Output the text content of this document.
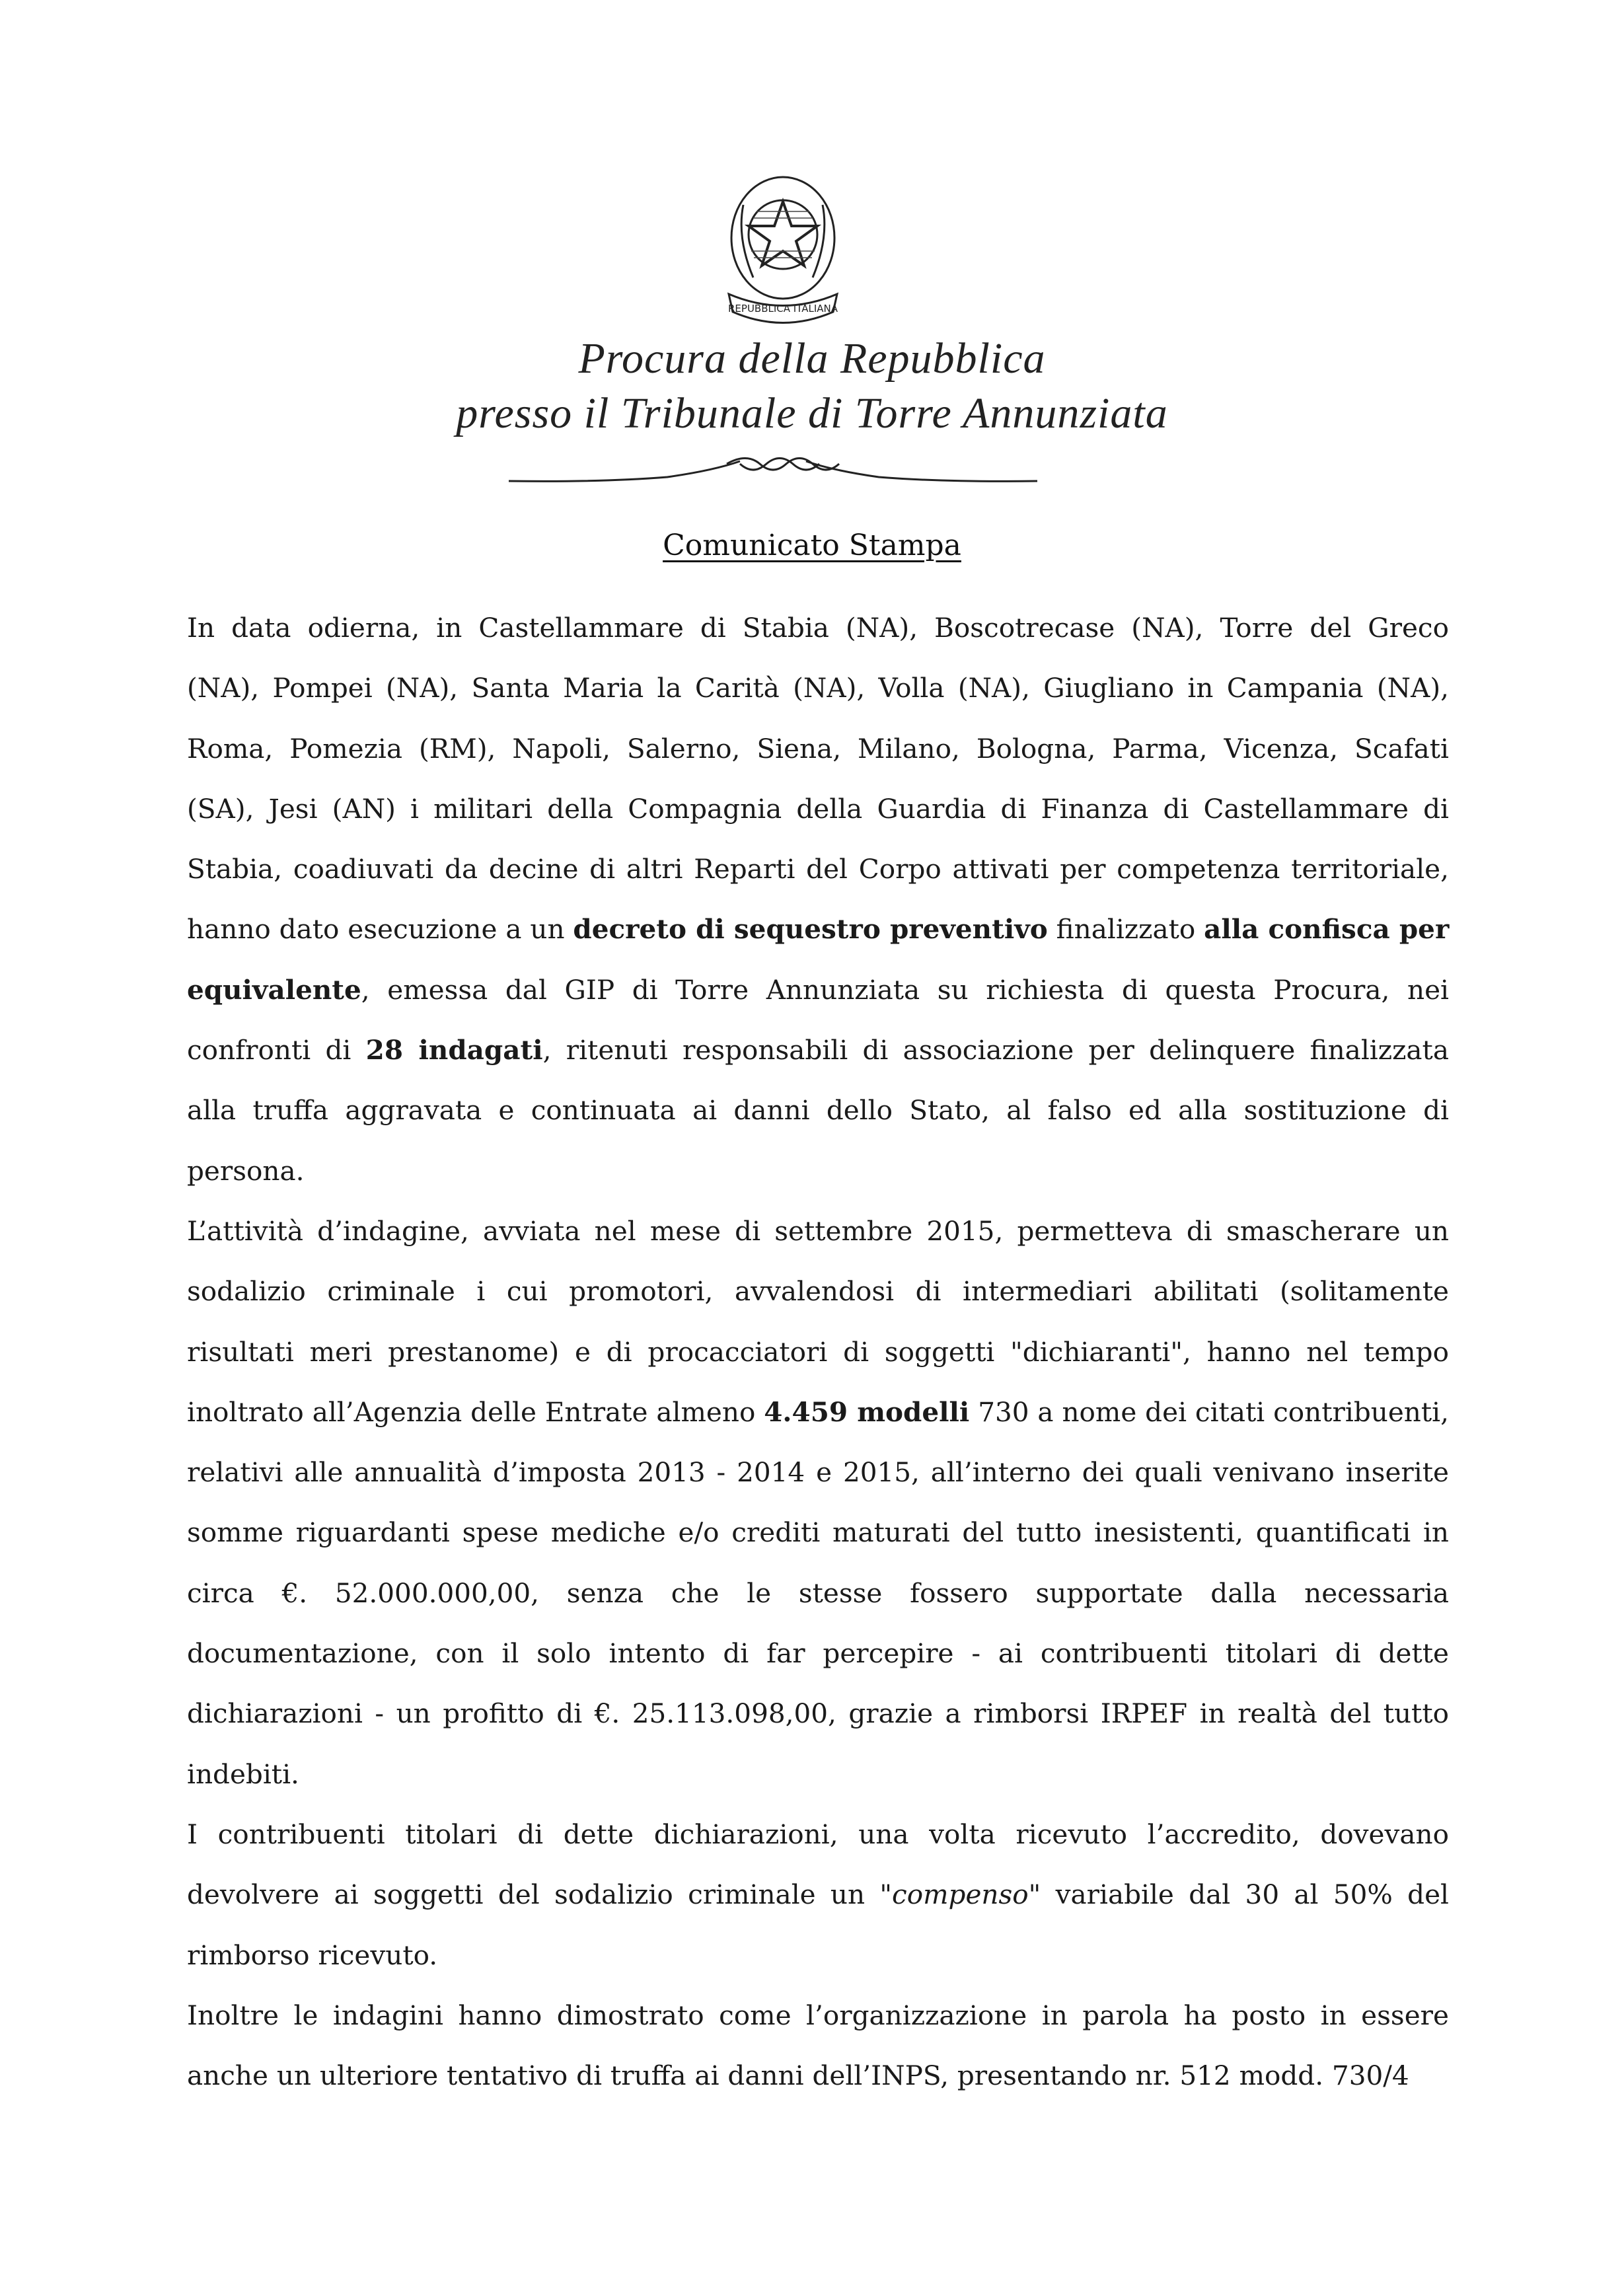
REPUBBLICA ITALIANA
Procura della Repubblica
presso il Tribunale di Torre Annunziata
Comunicato Stampa
In data odierna, in Castellammare di Stabia (NA), Boscotrecase (NA), Torre del Greco
(NA), Pompei (NA), Santa Maria la Carità (NA), Volla (NA), Giugliano in Campania (NA),
Roma, Pomezia (RM), Napoli, Salerno, Siena, Milano, Bologna, Parma, Vicenza, Scafati
(SA), Jesi (AN) i militari della Compagnia della Guardia di Finanza di Castellammare di
Stabia, coadiuvati da decine di altri Reparti del Corpo attivati per competenza territoriale,
hanno dato esecuzione a un decreto di sequestro preventivo finalizzato alla confisca per
equivalente, emessa dal GIP di Torre Annunziata su richiesta di questa Procura, nei
confronti di 28 indagati, ritenuti responsabili di associazione per delinquere finalizzata
alla truffa aggravata e continuata ai danni dello Stato, al falso ed alla sostituzione di
persona.
L’attività d’indagine, avviata nel mese di settembre 2015, permetteva di smascherare un
sodalizio criminale i cui promotori, avvalendosi di intermediari abilitati (solitamente
risultati meri prestanome) e di procacciatori di soggetti "dichiaranti", hanno nel tempo
inoltrato all’Agenzia delle Entrate almeno 4.459 modelli 730 a nome dei citati contribuenti,
relativi alle annualità d’imposta 2013 - 2014 e 2015, all’interno dei quali venivano inserite
somme riguardanti spese mediche e/o crediti maturati del tutto inesistenti, quantificati in
circa €. 52.000.000,00, senza che le stesse fossero supportate dalla necessaria
documentazione, con il solo intento di far percepire - ai contribuenti titolari di dette
dichiarazioni - un profitto di €. 25.113.098,00, grazie a rimborsi IRPEF in realtà del tutto
indebiti.
I contribuenti titolari di dette dichiarazioni, una volta ricevuto l’accredito, dovevano
devolvere ai soggetti del sodalizio criminale un "compenso" variabile dal 30 al 50% del
rimborso ricevuto.
Inoltre le indagini hanno dimostrato come l’organizzazione in parola ha posto in essere
anche un ulteriore tentativo di truffa ai danni dell’INPS, presentando nr. 512 modd. 730/4
